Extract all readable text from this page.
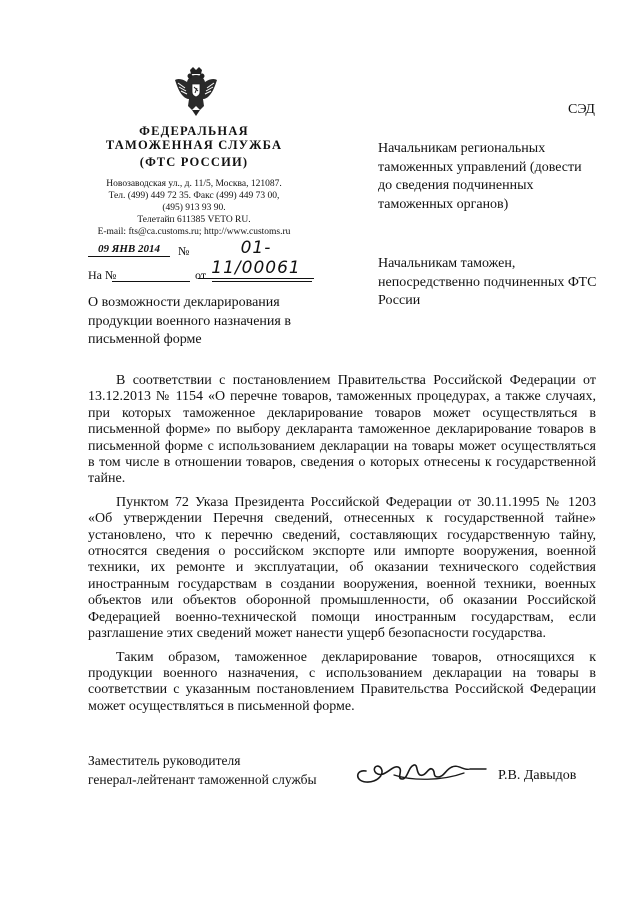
ФЕДЕРАЛЬНАЯ
ТАМОЖЕННАЯ СЛУЖБА
(ФТС РОССИИ)
Новозаводская ул., д. 11/5, Москва, 121087.
Тел. (499) 449 72 35. Факс (499) 449 73 00,
(495) 913 93 90.
Телетайп 611385 VETO RU.
E-mail: fts@ca.customs.ru; http://www.customs.ru
09 ЯНВ 2014	№	01-11/00061
На №	от
О возможности декларирования продукции военного назначения в письменной форме
СЭД
Начальникам региональных таможенных управлений (довести до сведения подчиненных таможенных органов)
Начальникам таможен, непосредственно подчиненных ФТС России

В соответствии с постановлением Правительства Российской Федерации от 13.12.2013 № 1154 «О перечне товаров, таможенных процедурах, а также случаях, при которых таможенное декларирование товаров может осуществляться в письменной форме» по выбору декларанта таможенное декларирование товаров в письменной форме с использованием декларации на товары может осуществляться в том числе в отношении товаров, сведения о которых отнесены к государственной тайне.

Пунктом 72 Указа Президента Российской Федерации от 30.11.1995 № 1203 «Об утверждении Перечня сведений, отнесенных к государственной тайне» установлено, что к перечню сведений, составляющих государственную тайну, относятся сведения о российском экспорте или импорте вооружения, военной техники, их ремонте и эксплуатации, об оказании технического содействия иностранным государствам в создании вооружения, военной техники, военных объектов или объектов оборонной промышленности, об оказании Российской Федерацией военно-технической помощи иностранным государствам, если разглашение этих сведений может нанести ущерб безопасности государства.

Таким образом, таможенное декларирование товаров, относящихся к продукции военного назначения, с использованием декларации на товары в соответствии с указанным постановлением Правительства Российской Федерации может осуществляться в письменной форме.

Заместитель руководителя
генерал-лейтенант таможенной службы	Р.В. Давыдов
